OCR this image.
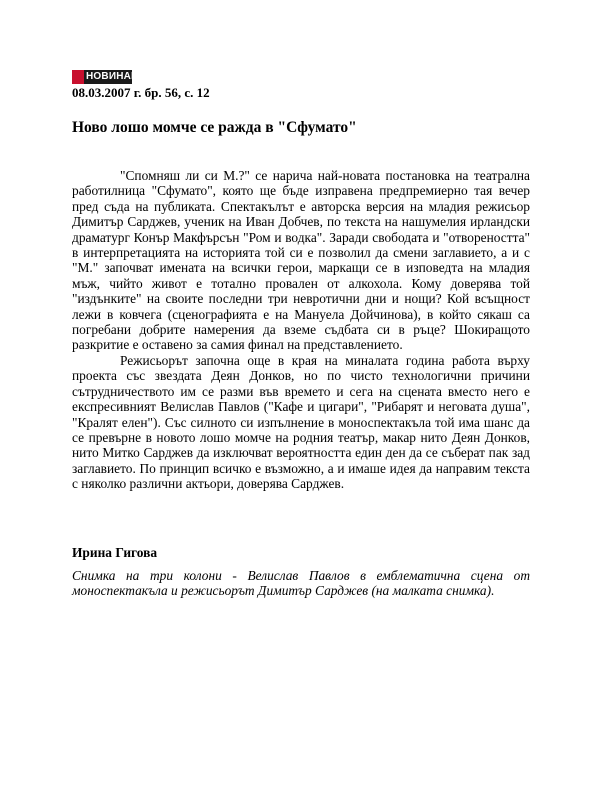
НОВИНАР
08.03.2007 г. бр. 56, с. 12
Ново лошо момче се ражда в "Сфумато"

"Спомняш ли си М.?" се нарича най-новата постановка на театрална работилница "Сфумато", която ще бъде изправена предпремиерно тая вечер пред съда на публиката. Спектакълът е авторска версия на младия режисьор Димитър Сарджев, ученик на Иван Добчев, по текста на нашумелия ирландски драматург Конър Макфърсън "Ром и водка". Заради свободата и "отвореността" в интерпретацията на историята той си е позволил да смени заглавието, а и с "М." започват имената на всички герои, маркащи се в изповедта на младия мъж, чийто живот е тотално провален от алкохола. Кому доверява той "издънките" на своите последни три невротични дни и нощи? Кой всъщност лежи в ковчега (сценографията е на Мануела Дойчинова), в който сякаш са погребани добрите намерения да вземе съдбата си в ръце? Шокиращото разкритие е оставено за самия финал на представлението.

Режисьорът започна още в края на миналата година работа върху проекта със звездата Деян Донков, но по чисто технологични причини сътрудничеството им се разми във времето и сега на сцената вместо него е експресивният Велислав Павлов ("Кафе и цигари", "Рибарят и неговата душа", "Кралят елен"). Със силното си изпълнение в моноспектакъла той има шанс да се превърне в новото лошо момче на родния театър, макар нито Деян Донков, нито Митко Сарджев да изключват вероятността един ден да се съберат пак зад заглавието. По принцип всичко е възможно, а и имаше идея да направим текста с няколко различни актьори, доверява Сарджев.

Ирина Гигова

Снимка на три колони - Велислав Павлов в емблематична сцена от моноспектакъла и режисьорът Димитър Сарджев (на малката снимка).
